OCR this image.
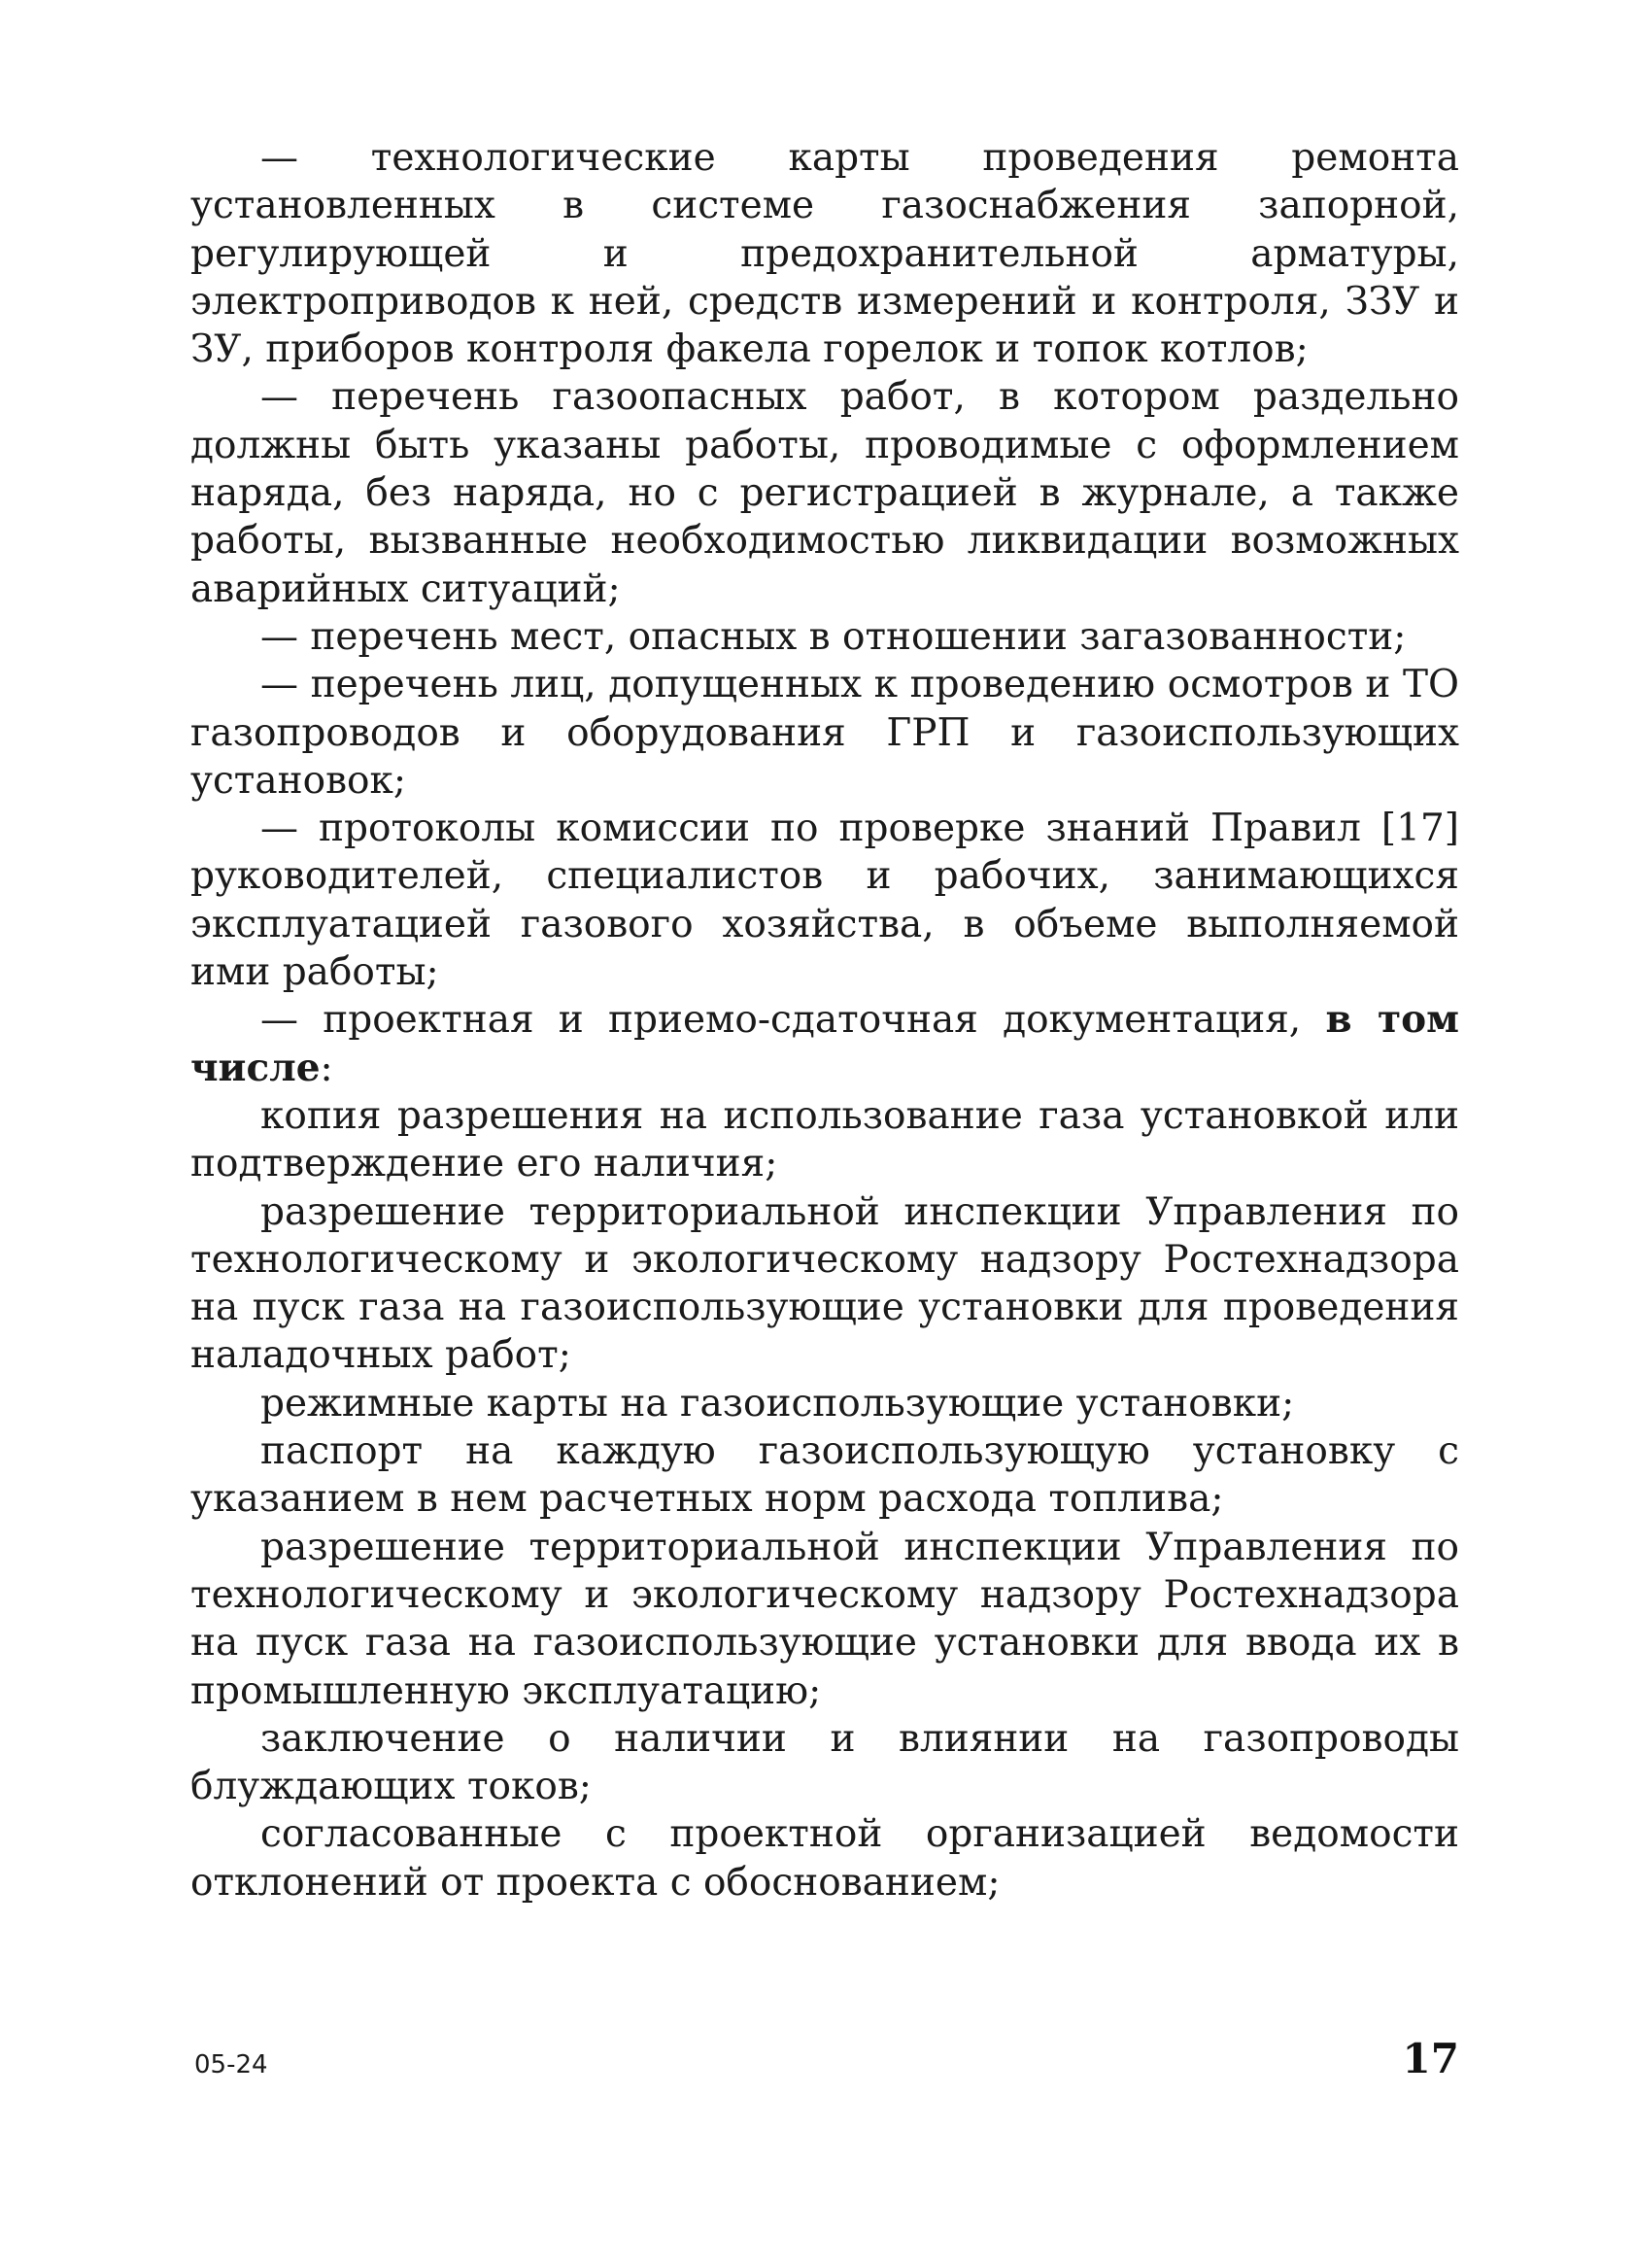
— технологические карты проведения ремонта установленных в системе газоснабжения запорной, регулирующей и предохранительной арматуры, электроприводов к ней, средств измерений и контроля, ЗЗУ и ЗУ, приборов контроля факела горелок и топок котлов;

— перечень газоопасных работ, в котором раздельно должны быть указаны работы, проводимые с оформлением наряда, без наряда, но с регистрацией в журнале, а также работы, вызванные необходимостью ликвидации возможных аварийных ситуаций;

— перечень мест, опасных в отношении загазованности;

— перечень лиц, допущенных к проведению осмотров и ТО газопроводов и оборудования ГРП и газоиспользующих установок;

— протоколы комиссии по проверке знаний Правил [17] руководителей, специалистов и рабочих, занимающихся эксплуатацией газового хозяйства, в объеме выполняемой ими работы;

— проектная и приемо-сдаточная документация, в том числе:

копия разрешения на использование газа установкой или подтверждение его наличия;

разрешение территориальной инспекции Управления по технологическому и экологическому надзору Ростехнадзора на пуск газа на газоиспользующие установки для проведения наладочных работ;

режимные карты на газоиспользующие установки;

паспорт на каждую газоиспользующую установку с указанием в нем расчетных норм расхода топлива;

разрешение территориальной инспекции Управления по технологическому и экологическому надзору Ростехнадзора на пуск газа на газоиспользующие установки для ввода их в промышленную эксплуатацию;

заключение о наличии и влиянии на газопроводы блуждающих токов;

согласованные с проектной организацией ведомости отклонений от проекта с обоснованием;

05-24	17
